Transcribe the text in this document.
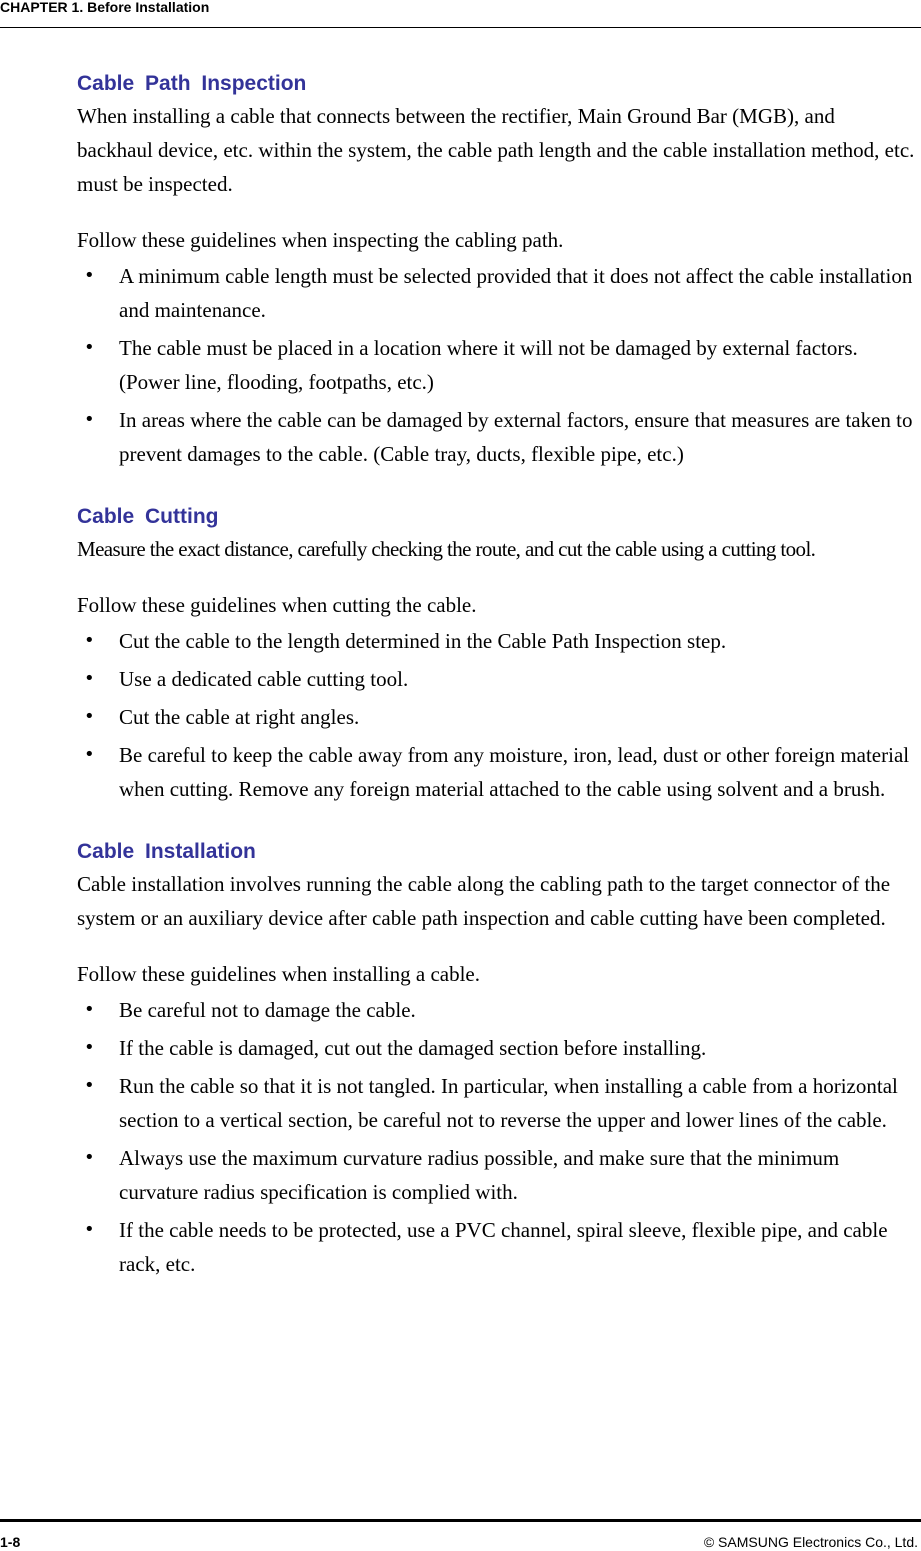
CHAPTER 1. Before Installation
Cable Path Inspection

When installing a cable that connects between the rectifier, Main Ground Bar (MGB), and backhaul device, etc. within the system, the cable path length and the cable installation method, etc. must be inspected.

Follow these guidelines when inspecting the cabling path.

• A minimum cable length must be selected provided that it does not affect the cable installation and maintenance.
• The cable must be placed in a location where it will not be damaged by external factors. (Power line, flooding, footpaths, etc.)
• In areas where the cable can be damaged by external factors, ensure that measures are taken to prevent damages to the cable. (Cable tray, ducts, flexible pipe, etc.)
Cable Cutting

Measure the exact distance, carefully checking the route, and cut the cable using a cutting tool.

Follow these guidelines when cutting the cable.

• Cut the cable to the length determined in the Cable Path Inspection step.
• Use a dedicated cable cutting tool.
• Cut the cable at right angles.
• Be careful to keep the cable away from any moisture, iron, lead, dust or other foreign material when cutting. Remove any foreign material attached to the cable using solvent and a brush.
Cable Installation

Cable installation involves running the cable along the cabling path to the target connector of the system or an auxiliary device after cable path inspection and cable cutting have been completed.

Follow these guidelines when installing a cable.

• Be careful not to damage the cable.
• If the cable is damaged, cut out the damaged section before installing.
• Run the cable so that it is not tangled. In particular, when installing a cable from a horizontal section to a vertical section, be careful not to reverse the upper and lower lines of the cable.
• Always use the maximum curvature radius possible, and make sure that the minimum curvature radius specification is complied with.
• If the cable needs to be protected, use a PVC channel, spiral sleeve, flexible pipe, and cable rack, etc.
1-8	© SAMSUNG Electronics Co., Ltd.
